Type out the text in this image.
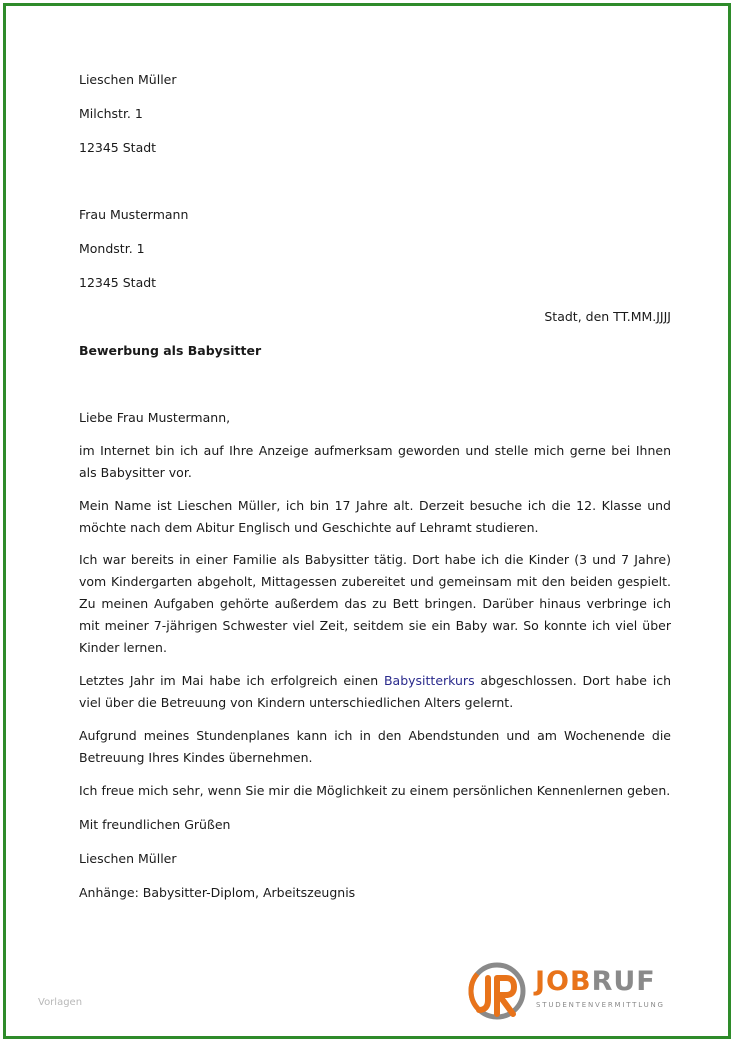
Lieschen Müller
Milchstr. 1
12345 Stadt
Frau Mustermann
Mondstr. 1
12345 Stadt
Stadt, den TT.MM.JJJJ
Bewerbung als Babysitter
Liebe Frau Mustermann,
im Internet bin ich auf Ihre Anzeige aufmerksam geworden und stelle mich gerne bei Ihnen als Babysitter vor.
Mein Name ist Lieschen Müller, ich bin 17 Jahre alt. Derzeit besuche ich die 12. Klasse und möchte nach dem Abitur Englisch und Geschichte auf Lehramt studieren.
Ich war bereits in einer Familie als Babysitter tätig. Dort habe ich die Kinder (3 und 7 Jahre) vom Kindergarten abgeholt, Mittagessen zubereitet und gemeinsam mit den beiden gespielt. Zu meinen Aufgaben gehörte außerdem das zu Bett bringen. Darüber hinaus verbringe ich mit meiner 7-jährigen Schwester viel Zeit, seitdem sie ein Baby war. So konnte ich viel über Kinder lernen.
Letztes Jahr im Mai habe ich erfolgreich einen Babysitterkurs abgeschlossen. Dort habe ich viel über die Betreuung von Kindern unterschiedlichen Alters gelernt.
Aufgrund meines Stundenplanes kann ich in den Abendstunden und am Wochenende die Betreuung Ihres Kindes übernehmen.
Ich freue mich sehr, wenn Sie mir die Möglichkeit zu einem persönlichen Kennenlernen geben.
Mit freundlichen Grüßen
Lieschen Müller
Anhänge: Babysitter-Diplom, Arbeitszeugnis
Vorlagen
JOBRUF
STUDENTENVERMITTLUNG
